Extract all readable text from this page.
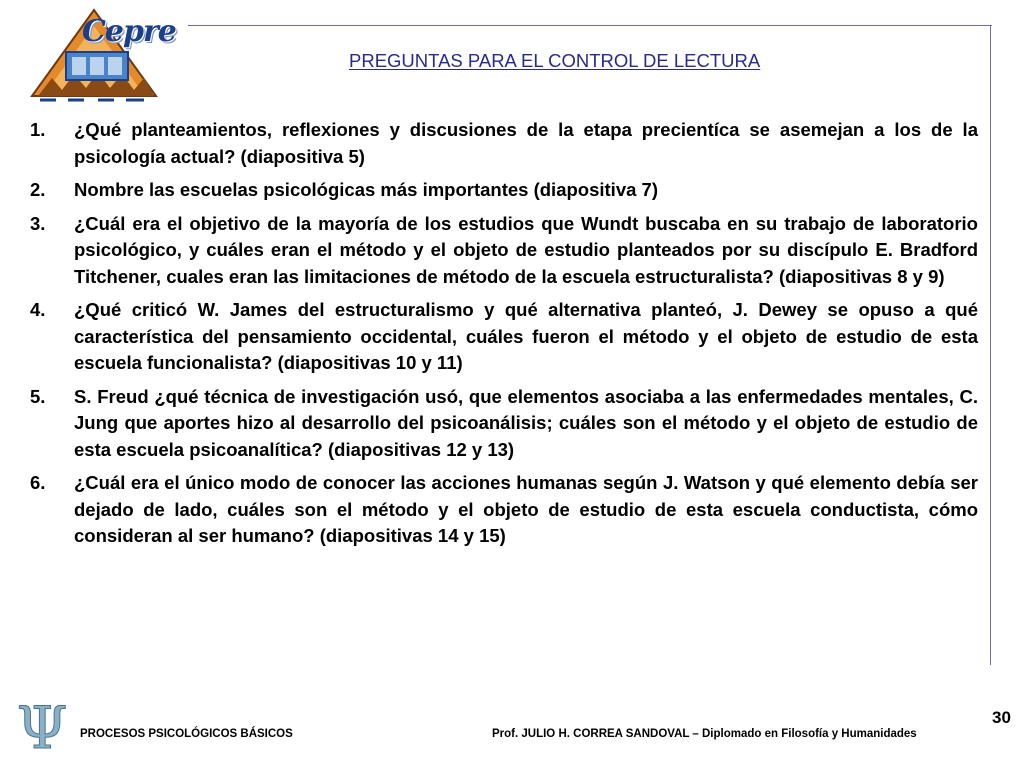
Cepre
PREGUNTAS PARA EL CONTROL DE LECTURA
1.	¿Qué planteamientos, reflexiones y discusiones de la etapa precientíca se asemejan a los de la psicología actual? (diapositiva 5)
2.	Nombre las escuelas psicológicas más importantes (diapositiva 7)
3.	¿Cuál era el objetivo de la mayoría de los estudios que Wundt buscaba en su trabajo de laboratorio psicológico, y cuáles eran el método y el objeto de estudio planteados por su discípulo E. Bradford Titchener, cuales eran las limitaciones de método de la escuela estructuralista? (diapositivas 8 y 9)
4.	¿Qué criticó W. James del estructuralismo y qué alternativa planteó, J. Dewey se opuso a qué característica del pensamiento occidental, cuáles fueron el método y el objeto de estudio de esta escuela funcionalista? (diapositivas 10 y 11)
5.	S. Freud ¿qué técnica de investigación usó, que elementos asociaba a las enfermedades mentales, C. Jung que aportes hizo al desarrollo del psicoanálisis; cuáles son el método y el objeto de estudio de esta escuela psicoanalítica? (diapositivas 12 y 13)
6.	¿Cuál era el único modo de conocer las acciones humanas según J. Watson y qué elemento debía ser dejado de lado, cuáles son el método y el objeto de estudio de esta escuela conductista, cómo consideran al ser humano? (diapositivas 14 y 15)
Ψ PROCESOS PSICOLÓGICOS BÁSICOS	Prof. JULIO H. CORREA SANDOVAL – Diplomado en Filosofía y Humanidades
30
